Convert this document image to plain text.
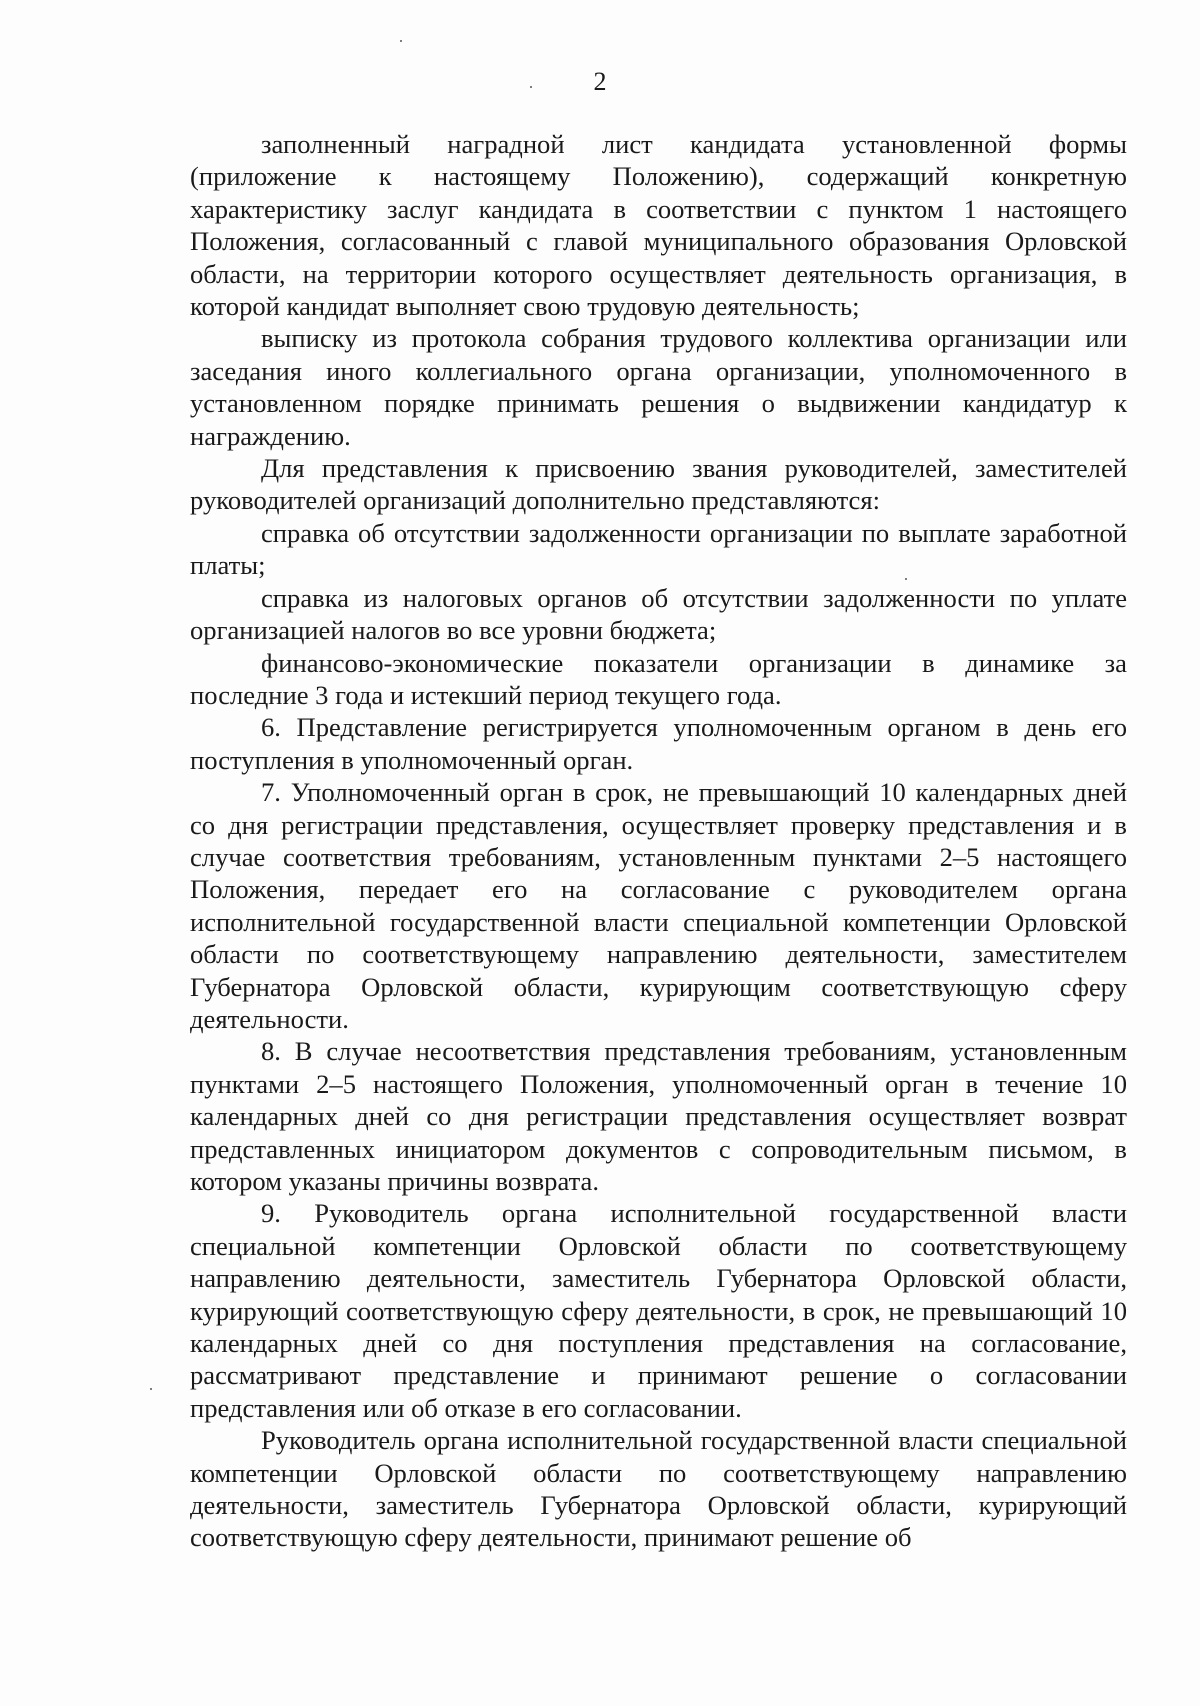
2

заполненный наградной лист кандидата установленной формы (приложение к настоящему Положению), содержащий конкретную характеристику заслуг кандидата в соответствии с пунктом 1 настоящего Положения, согласованный с главой муниципального образования Орловской области, на территории которого осуществляет деятельность организация, в которой кандидат выполняет свою трудовую деятельность;

выписку из протокола собрания трудового коллектива организации или заседания иного коллегиального органа организации, уполномоченного в установленном порядке принимать решения о выдвижении кандидатур к награждению.

Для представления к присвоению звания руководителей, заместителей руководителей организаций дополнительно представляются:

справка об отсутствии задолженности организации по выплате заработной платы;

справка из налоговых органов об отсутствии задолженности по уплате организацией налогов во все уровни бюджета;

финансово-экономические показатели организации в динамике за последние 3 года и истекший период текущего года.

6. Представление регистрируется уполномоченным органом в день его поступления в уполномоченный орган.

7. Уполномоченный орган в срок, не превышающий 10 календарных дней со дня регистрации представления, осуществляет проверку представления и в случае соответствия требованиям, установленным пунктами 2–5 настоящего Положения, передает его на согласование с руководителем органа исполнительной государственной власти специальной компетенции Орловской области по соответствующему направлению деятельности, заместителем Губернатора Орловской области, курирующим соответствующую сферу деятельности.

8. В случае несоответствия представления требованиям, установленным пунктами 2–5 настоящего Положения, уполномоченный орган в течение 10 календарных дней со дня регистрации представления осуществляет возврат представленных инициатором документов с сопроводительным письмом, в котором указаны причины возврата.

9. Руководитель органа исполнительной государственной власти специальной компетенции Орловской области по соответствующему направлению деятельности, заместитель Губернатора Орловской области, курирующий соответствующую сферу деятельности, в срок, не превышающий 10 календарных дней со дня поступления представления на согласование, рассматривают представление и принимают решение о согласовании представления или об отказе в его согласовании.

Руководитель органа исполнительной государственной власти специальной компетенции Орловской области по соответствующему направлению деятельности, заместитель Губернатора Орловской области, курирующий соответствующую сферу деятельности, принимают решение об
